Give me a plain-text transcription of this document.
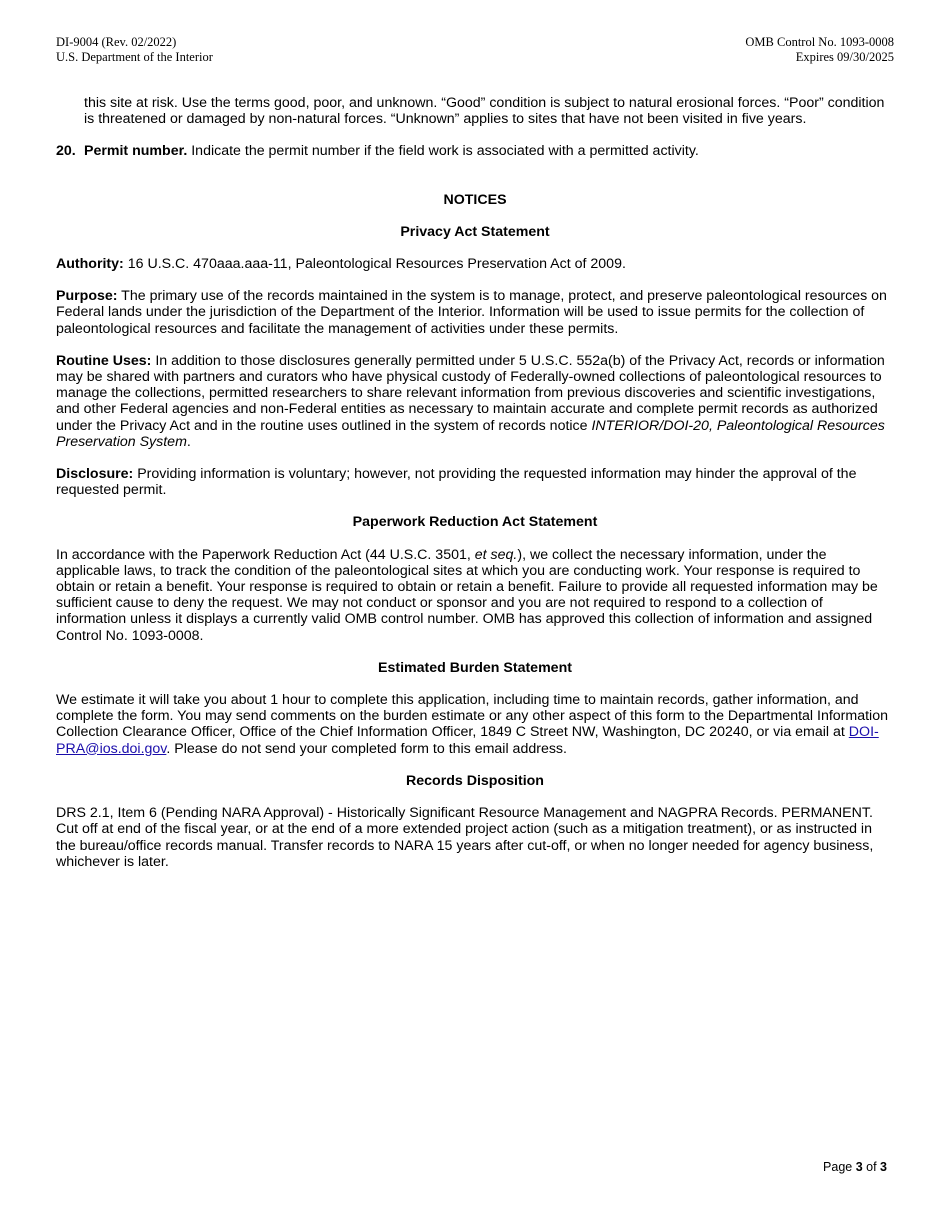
DI-9004 (Rev. 02/2022)
U.S. Department of the Interior
OMB Control No. 1093-0008
Expires 09/30/2025

this site at risk. Use the terms good, poor, and unknown. “Good” condition is subject to natural erosional forces. “Poor” condition is threatened or damaged by non-natural forces. “Unknown” applies to sites that have not been visited in five years.

20. Permit number. Indicate the permit number if the field work is associated with a permitted activity.

NOTICES

Privacy Act Statement

Authority: 16 U.S.C. 470aaa.aaa-11, Paleontological Resources Preservation Act of 2009.

Purpose: The primary use of the records maintained in the system is to manage, protect, and preserve paleontological resources on Federal lands under the jurisdiction of the Department of the Interior. Information will be used to issue permits for the collection of paleontological resources and facilitate the management of activities under these permits.

Routine Uses: In addition to those disclosures generally permitted under 5 U.S.C. 552a(b) of the Privacy Act, records or information may be shared with partners and curators who have physical custody of Federally-owned collections of paleontological resources to manage the collections, permitted researchers to share relevant information from previous discoveries and scientific investigations, and other Federal agencies and non-Federal entities as necessary to maintain accurate and complete permit records as authorized under the Privacy Act and in the routine uses outlined in the system of records notice INTERIOR/DOI-20, Paleontological Resources Preservation System.

Disclosure: Providing information is voluntary; however, not providing the requested information may hinder the approval of the requested permit.

Paperwork Reduction Act Statement

In accordance with the Paperwork Reduction Act (44 U.S.C. 3501, et seq.), we collect the necessary information, under the applicable laws, to track the condition of the paleontological sites at which you are conducting work. Your response is required to obtain or retain a benefit. Your response is required to obtain or retain a benefit. Failure to provide all requested information may be sufficient cause to deny the request. We may not conduct or sponsor and you are not required to respond to a collection of information unless it displays a currently valid OMB control number. OMB has approved this collection of information and assigned Control No. 1093-0008.

Estimated Burden Statement

We estimate it will take you about 1 hour to complete this application, including time to maintain records, gather information, and complete the form. You may send comments on the burden estimate or any other aspect of this form to the Departmental Information Collection Clearance Officer, Office of the Chief Information Officer, 1849 C Street NW, Washington, DC 20240, or via email at DOI-PRA@ios.doi.gov. Please do not send your completed form to this email address.

Records Disposition

DRS 2.1, Item 6 (Pending NARA Approval) - Historically Significant Resource Management and NAGPRA Records. PERMANENT. Cut off at end of the fiscal year, or at the end of a more extended project action (such as a mitigation treatment), or as instructed in the bureau/office records manual. Transfer records to NARA 15 years after cut-off, or when no longer needed for agency business, whichever is later.

Page 3 of 3
